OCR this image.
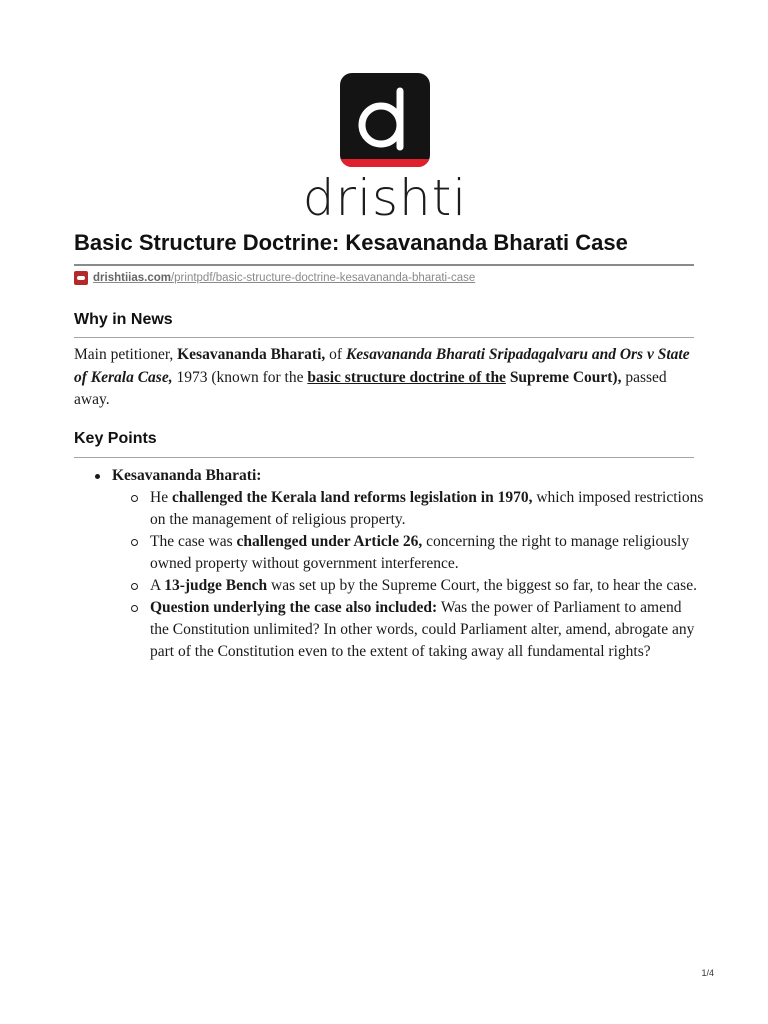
drishti
Basic Structure Doctrine: Kesavananda Bharati Case
drishtiias.com/printpdf/basic-structure-doctrine-kesavananda-bharati-case
Why in News

Main petitioner, Kesavananda Bharati, of Kesavananda Bharati Sripadagalvaru and Ors v State of Kerala Case, 1973 (known for the basic structure doctrine of the Supreme Court), passed away.

Key Points
Kesavananda Bharati:
He challenged the Kerala land reforms legislation in 1970, which imposed restrictions on the management of religious property.
The case was challenged under Article 26, concerning the right to manage religiously owned property without government interference.
A 13-judge Bench was set up by the Supreme Court, the biggest so far, to hear the case.
Question underlying the case also included: Was the power of Parliament to amend the Constitution unlimited? In other words, could Parliament alter, amend, abrogate any part of the Constitution even to the extent of taking away all fundamental rights?
1/4
